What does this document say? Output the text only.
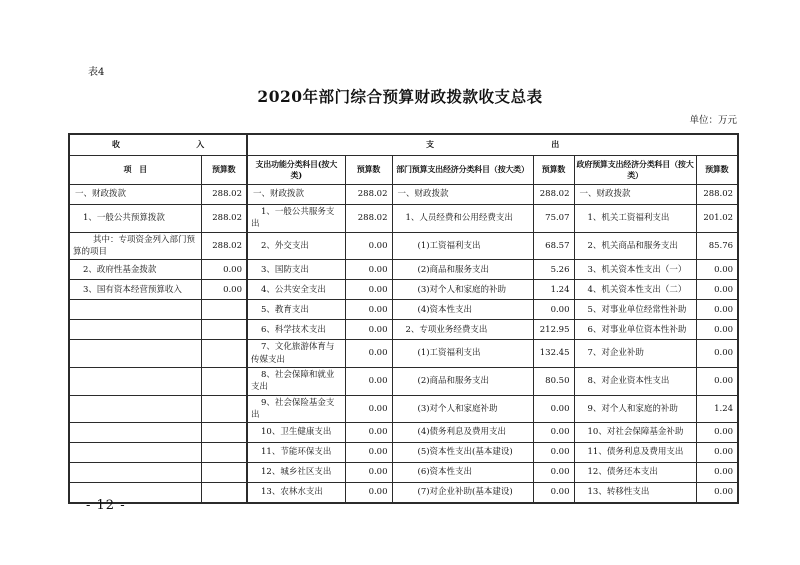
表4
2020年部门综合预算财政拨款收支总表
单位：万元
收 入		支 出					
项　目	预算数	支出功能分类科目(按大类)	预算数	部门预算支出经济分类科目（按大类）	预算数	政府预算支出经济分类科目（按大类）	预算数
一、财政拨款	288.02	一、财政拨款	288.02	一、财政拨款	288.02	一、财政拨款	288.02
1、一般公共预算拨款	288.02	1、一般公共服务支出	288.02	1、人员经费和公用经费支出	75.07	1、机关工资福利支出	201.02
其中：专项资金列入部门预算的项目	288.02	2、外交支出	0.00	(1)工资福利支出	68.57	2、机关商品和服务支出	85.76
2、政府性基金拨款	0.00	3、国防支出	0.00	(2)商品和服务支出	5.26	3、机关资本性支出（一）	0.00
3、国有资本经营预算收入	0.00	4、公共安全支出	0.00	(3)对个人和家庭的补助	1.24	4、机关资本性支出（二）	0.00
		5、教育支出	0.00	(4)资本性支出	0.00	5、对事业单位经常性补助	0.00
		6、科学技术支出	0.00	2、专项业务经费支出	212.95	6、对事业单位资本性补助	0.00
		7、文化旅游体育与传媒支出	0.00	(1)工资福利支出	132.45	7、对企业补助	0.00
		8、社会保障和就业支出	0.00	(2)商品和服务支出	80.50	8、对企业资本性支出	0.00
		9、社会保险基金支出	0.00	(3)对个人和家庭补助	0.00	9、对个人和家庭的补助	1.24
		10、卫生健康支出	0.00	(4)债务利息及费用支出	0.00	10、对社会保障基金补助	0.00
		11、节能环保支出	0.00	(5)资本性支出(基本建设)	0.00	11、债务利息及费用支出	0.00
		12、城乡社区支出	0.00	(6)资本性支出	0.00	12、债务还本支出	0.00
		13、农林水支出	0.00	(7)对企业补助(基本建设)	0.00	13、转移性支出	0.00
- 12 -
